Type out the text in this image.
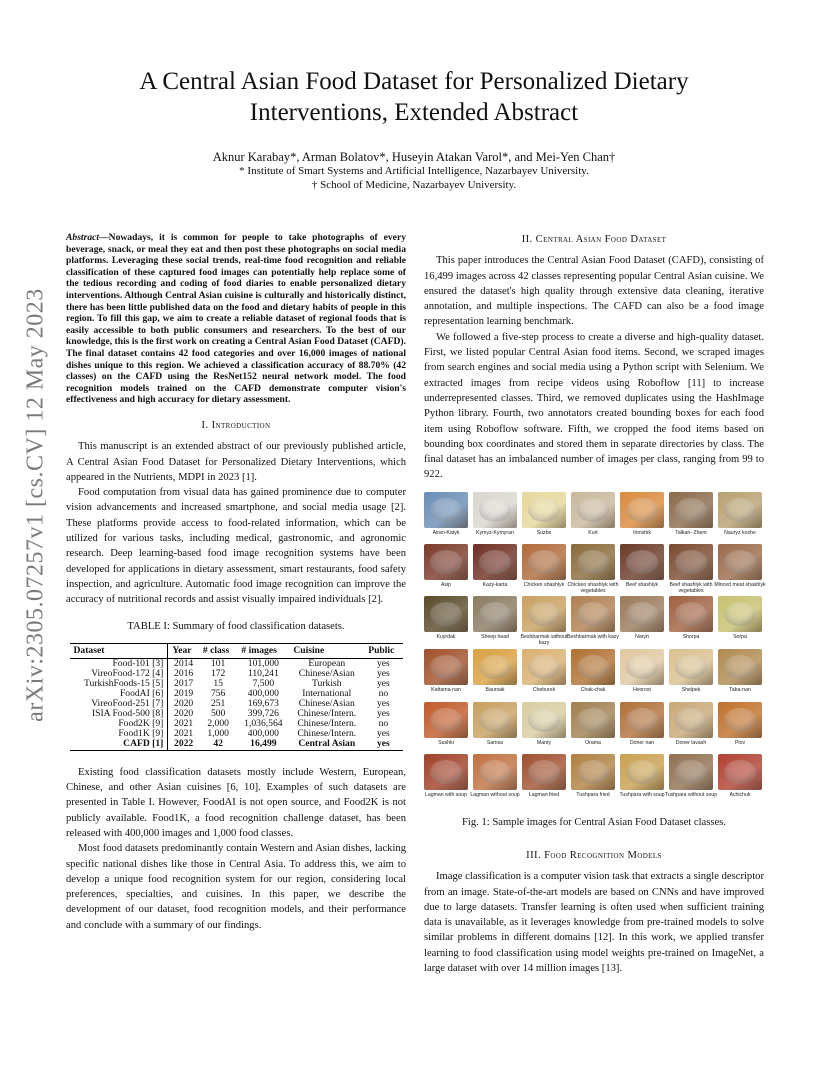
arXiv:2305.07257v1 [cs.CV] 12 May 2023
A Central Asian Food Dataset for Personalized Dietary
Interventions, Extended Abstract
Aknur Karabay*, Arman Bolatov*, Huseyin Atakan Varol*, and Mei-Yen Chan†
* Institute of Smart Systems and Artificial Intelligence, Nazarbayev University.
† School of Medicine, Nazarbayev University.
Abstract—Nowadays, it is common for people to take photographs of every beverage, snack, or meal they eat and then post these photographs on social media platforms. Leveraging these social trends, real-time food recognition and reliable classification of these captured food images can potentially help replace some of the tedious recording and coding of food diaries to enable personalized dietary interventions. Although Central Asian cuisine is culturally and historically distinct, there has been little published data on the food and dietary habits of people in this region. To fill this gap, we aim to create a reliable dataset of regional foods that is easily accessible to both public consumers and researchers. To the best of our knowledge, this is the first work on creating a Central Asian Food Dataset (CAFD). The final dataset contains 42 food categories and over 16,000 images of national dishes unique to this region. We achieved a classification accuracy of 88.70% (42 classes) on the CAFD using the ResNet152 neural network model. The food recognition models trained on the CAFD demonstrate computer vision's effectiveness and high accuracy for dietary assessment.
I. Introduction

This manuscript is an extended abstract of our previously published article, A Central Asian Food Dataset for Personalized Dietary Interventions, which appeared in the Nutrients, MDPI in 2023 [1].

Food computation from visual data has gained prominence due to computer vision advancements and increased smartphone, and social media usage [2]. These platforms provide access to food-related information, which can be utilized for various tasks, including medical, gastronomic, and agronomic research. Deep learning-based food image recognition systems have been developed for applications in dietary assessment, smart restaurants, food safety inspection, and agriculture. Automatic food image recognition can improve the accuracy of nutritional records and assist visually impaired individuals [2].

TABLE I: Summary of food classification datasets.
Dataset	Year	# class	# images	Cuisine	Public
Food-101 [3]	2014	101	101,000	European	yes
VireoFood-172 [4]	2016	172	110,241	Chinese/Asian	yes
TurkishFoods-15 [5]	2017	15	7,500	Turkish	yes
FoodAI [6]	2019	756	400,000	International	no
VireoFood-251 [7]	2020	251	169,673	Chinese/Asian	yes
ISIA Food-500 [8]	2020	500	399,726	Chinese/Intern.	yes
Food2K [9]	2021	2,000	1,036,564	Chinese/Intern.	no
Food1K [9]	2021	1,000	400,000	Chinese/Intern.	yes
CAFD [1]	2022	42	16,499	Central Asian	yes

Existing food classification datasets mostly include Western, European, Chinese, and other Asian cuisines [6, 10]. Examples of such datasets are presented in Table I. However, FoodAI is not open source, and Food2K is not publicly available. Food1K, a food recognition challenge dataset, has been released with 400,000 images and 1,000 food classes.

Most food datasets predominantly contain Western and Asian dishes, lacking specific national dishes like those in Central Asia. To address this, we aim to develop a unique food recognition system for our region, considering local preferences, specialties, and cuisines. In this paper, we describe the development of our dataset, food recognition models, and their performance and conclude with a summary of our findings.

II. Central Asian Food Dataset

This paper introduces the Central Asian Food Dataset (CAFD), consisting of 16,499 images across 42 classes representing popular Central Asian cuisine. We ensured the dataset's high quality through extensive data cleaning, iterative annotation, and multiple inspections. The CAFD can also be a food image representation learning benchmark.

We followed a five-step process to create a diverse and high-quality dataset. First, we listed popular Central Asian food items. Second, we scraped images from search engines and social media using a Python script with Selenium. We extracted images from recipe videos using Roboflow [11] to increase underrepresented classes. Third, we removed duplicates using the HashImage Python library. Fourth, two annotators created bounding boxes for each food item using Roboflow software. Fifth, we cropped the food items based on bounding box coordinates and stored them in separate directories by class. The final dataset has an imbalanced number of images per class, ranging from 99 to 922.

Airan-Katyk	Kymyz-Kymyran	Suzbe	Kurt	Irimshik	Talkan- Zhent	Nauryz kozhe
Asip	Kazy-karta	Chicken shashlyk Chicken shashlyk with vegetables
Beef shashlyk	Beef shashlyk with vegetables
Minced meat shashlyk
Kuyrdak	Sheep head	Beshbarmak without kazy
Beshbarmak with kazy	Naryn	Shorpa	Sorpa
Kattama-nan	Baursak	Cheburek	Chak-chak	Hvorost	Shelpek	Taba-nan
Sushki	Samsa	Manty	Orama	Doner nan	Doner lavash	Plov
Lagman with soup Lagman without soup	Lagman fried	Tushpara fried	Tushpara with soup Tushpara without soup	Achichuk
Fig. 1: Sample images for Central Asian Food Dataset classes.
III. Food Recognition Models

Image classification is a computer vision task that extracts a single descriptor from an image. State-of-the-art models are based on CNNs and have improved due to large datasets. Transfer learning is often used when sufficient training data is unavailable, as it leverages knowledge from pre-trained models to solve similar problems in different domains [12]. In this work, we applied transfer learning to food classification using model weights pre-trained on ImageNet, a large dataset with over 14 million images [13].
